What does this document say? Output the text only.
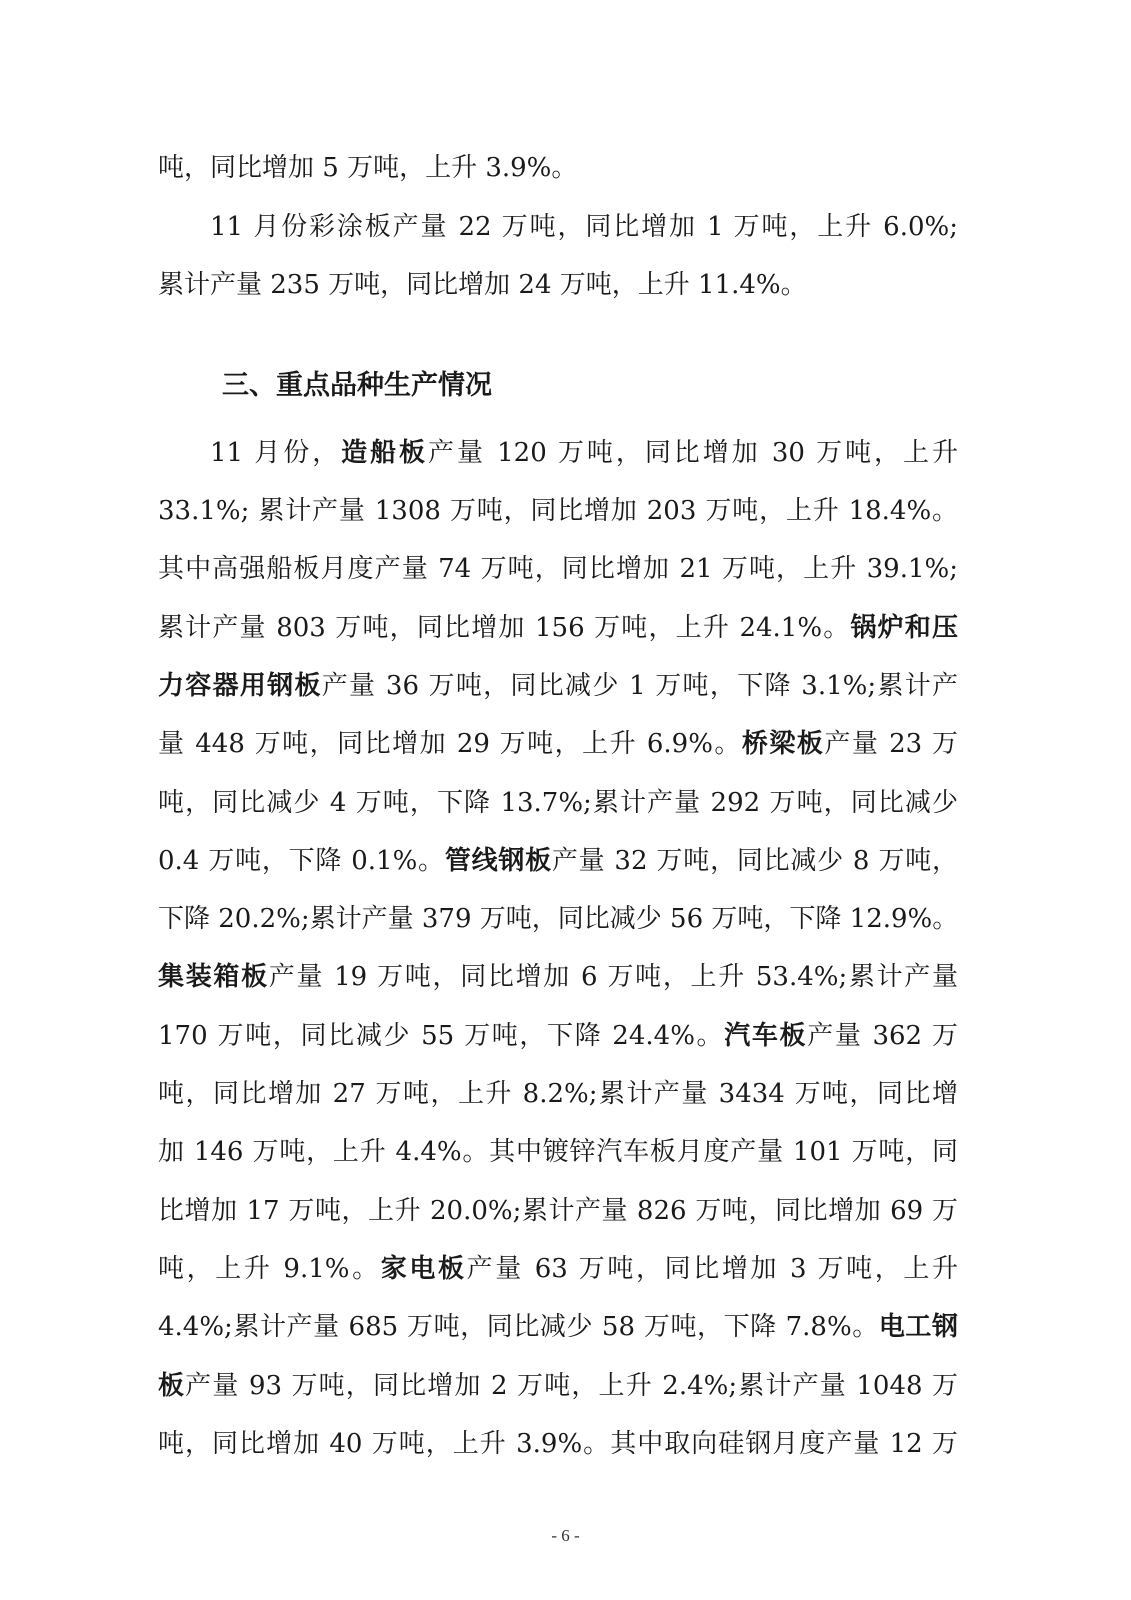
吨，同比增加 5 万吨，上升 3.9%。
11 月份彩涂板产量 22 万吨，同比增加 1 万吨，上升 6.0%;
累计产量 235 万吨，同比增加 24 万吨，上升 11.4%。
三、重点品种生产情况
11 月份，造船板产量 120 万吨，同比增加 30 万吨，上升
33.1%; 累计产量 1308 万吨，同比增加 203 万吨，上升 18.4%。
其中高强船板月度产量 74 万吨，同比增加 21 万吨，上升 39.1%;
累计产量 803 万吨，同比增加 156 万吨，上升 24.1%。锅炉和压
力容器用钢板产量 36 万吨，同比减少 1 万吨，下降 3.1%;累计产
量 448 万吨，同比增加 29 万吨，上升 6.9%。桥梁板产量 23 万
吨，同比减少 4 万吨，下降 13.7%;累计产量 292 万吨，同比减少
0.4 万吨，下降 0.1%。管线钢板产量 32 万吨，同比减少 8 万吨，
下降 20.2%;累计产量 379 万吨，同比减少 56 万吨，下降 12.9%。
集装箱板产量 19 万吨，同比增加 6 万吨，上升 53.4%;累计产量
170 万吨，同比减少 55 万吨，下降 24.4%。汽车板产量 362 万
吨，同比增加 27 万吨，上升 8.2%;累计产量 3434 万吨，同比增
加 146 万吨，上升 4.4%。其中镀锌汽车板月度产量 101 万吨，同
比增加 17 万吨，上升 20.0%;累计产量 826 万吨，同比增加 69 万
吨，上升 9.1%。家电板产量 63 万吨，同比增加 3 万吨，上升
4.4%;累计产量 685 万吨，同比减少 58 万吨，下降 7.8%。电工钢
板产量 93 万吨，同比增加 2 万吨，上升 2.4%;累计产量 1048 万
吨，同比增加 40 万吨，上升 3.9%。其中取向硅钢月度产量 12 万
- 6 -
